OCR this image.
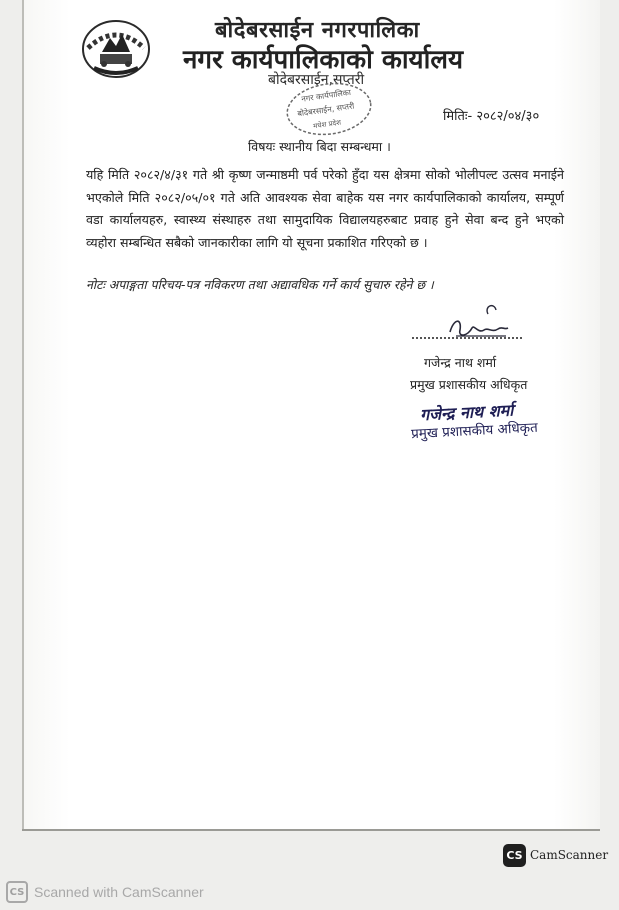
बोदेबरसाईन नगरपालिका
नगर कार्यपालिकाको कार्यालय
बोदेबरसाईन,सप्तरी
नगर कार्यपालिका
बोदेबरसाईन, सप्तरी
मधेश प्रदेश
मितिः- २०८२/०४/३०
विषयः स्थानीय बिदा सम्बन्धमा ।
यहि मिति २०८२/४/३१ गते श्री कृष्ण जन्माष्ठमी पर्व परेको हुँदा यस क्षेत्रमा सोको भोलीपल्ट उत्सव मनाईने भएकोले मिति २०८२/०५/०१ गते अति आवश्यक सेवा बाहेक यस नगर कार्यपालिकाको कार्यालय, सम्पूर्ण वडा कार्यालयहरु, स्वास्थ्य संस्थाहरु तथा सामुदायिक विद्यालयहरुबाट प्रवाह हुने सेवा बन्द हुने भएको व्यहोरा सम्बन्धित सबैको जानकारीका लागि यो सूचना प्रकाशित गरिएको छ ।
नोटः अपाङ्गता परिचय-पत्र नविकरण तथा अद्यावधिक गर्ने कार्य सुचारु रहेने छ ।
गजेन्द्र नाथ शर्मा
प्रमुख प्रशासकीय अधिकृत
गजेन्द्र नाथ शर्मा
प्रमुख प्रशासकीय अधिकृत
CS CamScanner
CS Scanned with CamScanner
